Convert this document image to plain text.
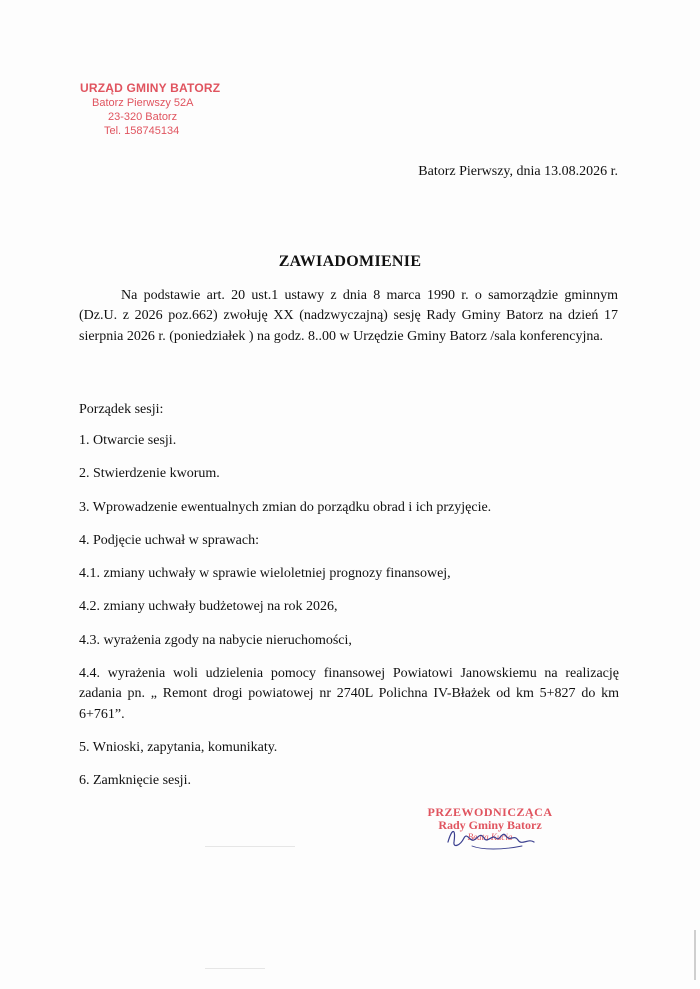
URZĄD GMINY BATORZ
Batorz Pierwszy 52A
23-320 Batorz
Tel. 158745134
Batorz Pierwszy, dnia 13.08.2026 r.
ZAWIADOMIENIE

Na podstawie art. 20 ust.1 ustawy z dnia 8 marca 1990 r. o samorządzie gminnym (Dz.U. z 2026 poz.662) zwołuję XX (nadzwyczajną) sesję Rady Gminy Batorz na dzień 17 sierpnia 2026 r. (poniedziałek ) na godz. 8..00 w Urzędzie Gminy Batorz /sala konferencyjna.

Porządek sesji:

1. Otwarcie sesji.
2. Stwierdzenie kworum.
3. Wprowadzenie ewentualnych zmian do porządku obrad i ich przyjęcie.
4. Podjęcie uchwał w sprawach:
4.1. zmiany uchwały w sprawie wieloletniej prognozy finansowej,
4.2. zmiany uchwały budżetowej na rok 2026,
4.3. wyrażenia zgody na nabycie nieruchomości,
4.4. wyrażenia woli udzielenia pomocy finansowej Powiatowi Janowskiemu na realizację zadania pn. „ Remont drogi powiatowej nr 2740L Polichna IV-Błażek od km 5+827 do km 6+761”.
5. Wnioski, zapytania, komunikaty.
6. Zamknięcie sesji.
PRZEWODNICZĄCA
Rady Gminy Batorz
Beata Kucia
